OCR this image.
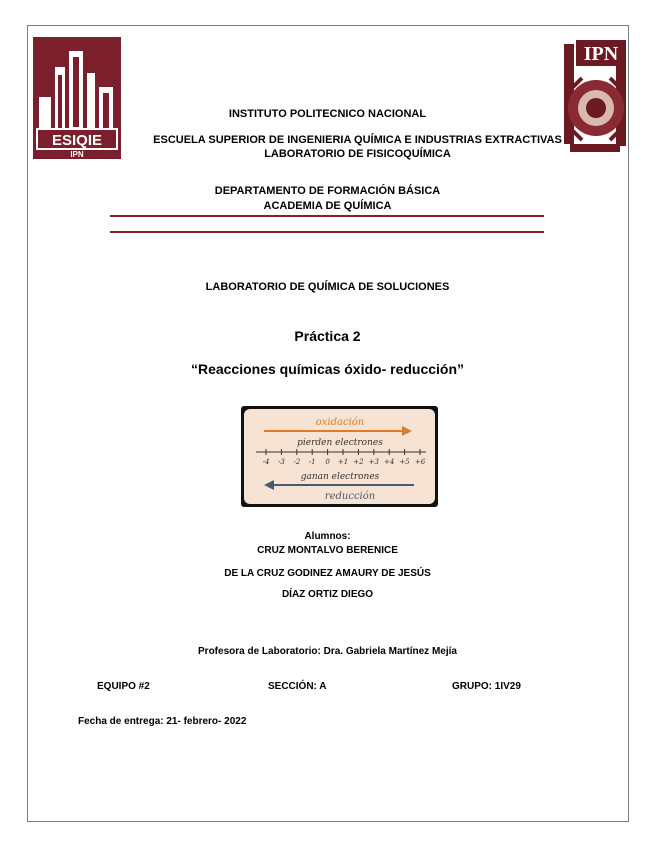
ESIQIE
IPN
IPN
INSTITUTO POLITECNICO NACIONAL
ESCUELA SUPERIOR DE INGENIERIA QUÍMICA E INDUSTRIAS EXTRACTIVAS
LABORATORIO DE FISICOQUÍMICA
DEPARTAMENTO DE FORMACIÓN BÁSICA
ACADEMIA DE QUÍMICA
LABORATORIO DE QUÍMICA DE SOLUCIONES
Práctica 2
“Reacciones químicas óxido- reducción”
oxidación
pierden electrones
-4 -3 -2 -1 0 +1 +2 +3 +4 +5 +6
ganan electrones
reducción
Alumnos:
CRUZ MONTALVO BERENICE
DE LA CRUZ GODINEZ AMAURY DE JESÚS
DÍAZ ORTIZ DIEGO
Profesora de Laboratorio: Dra. Gabriela Martínez Mejía
EQUIPO #2	SECCIÓN: A	GRUPO: 1IV29
Fecha de entrega: 21- febrero- 2022
